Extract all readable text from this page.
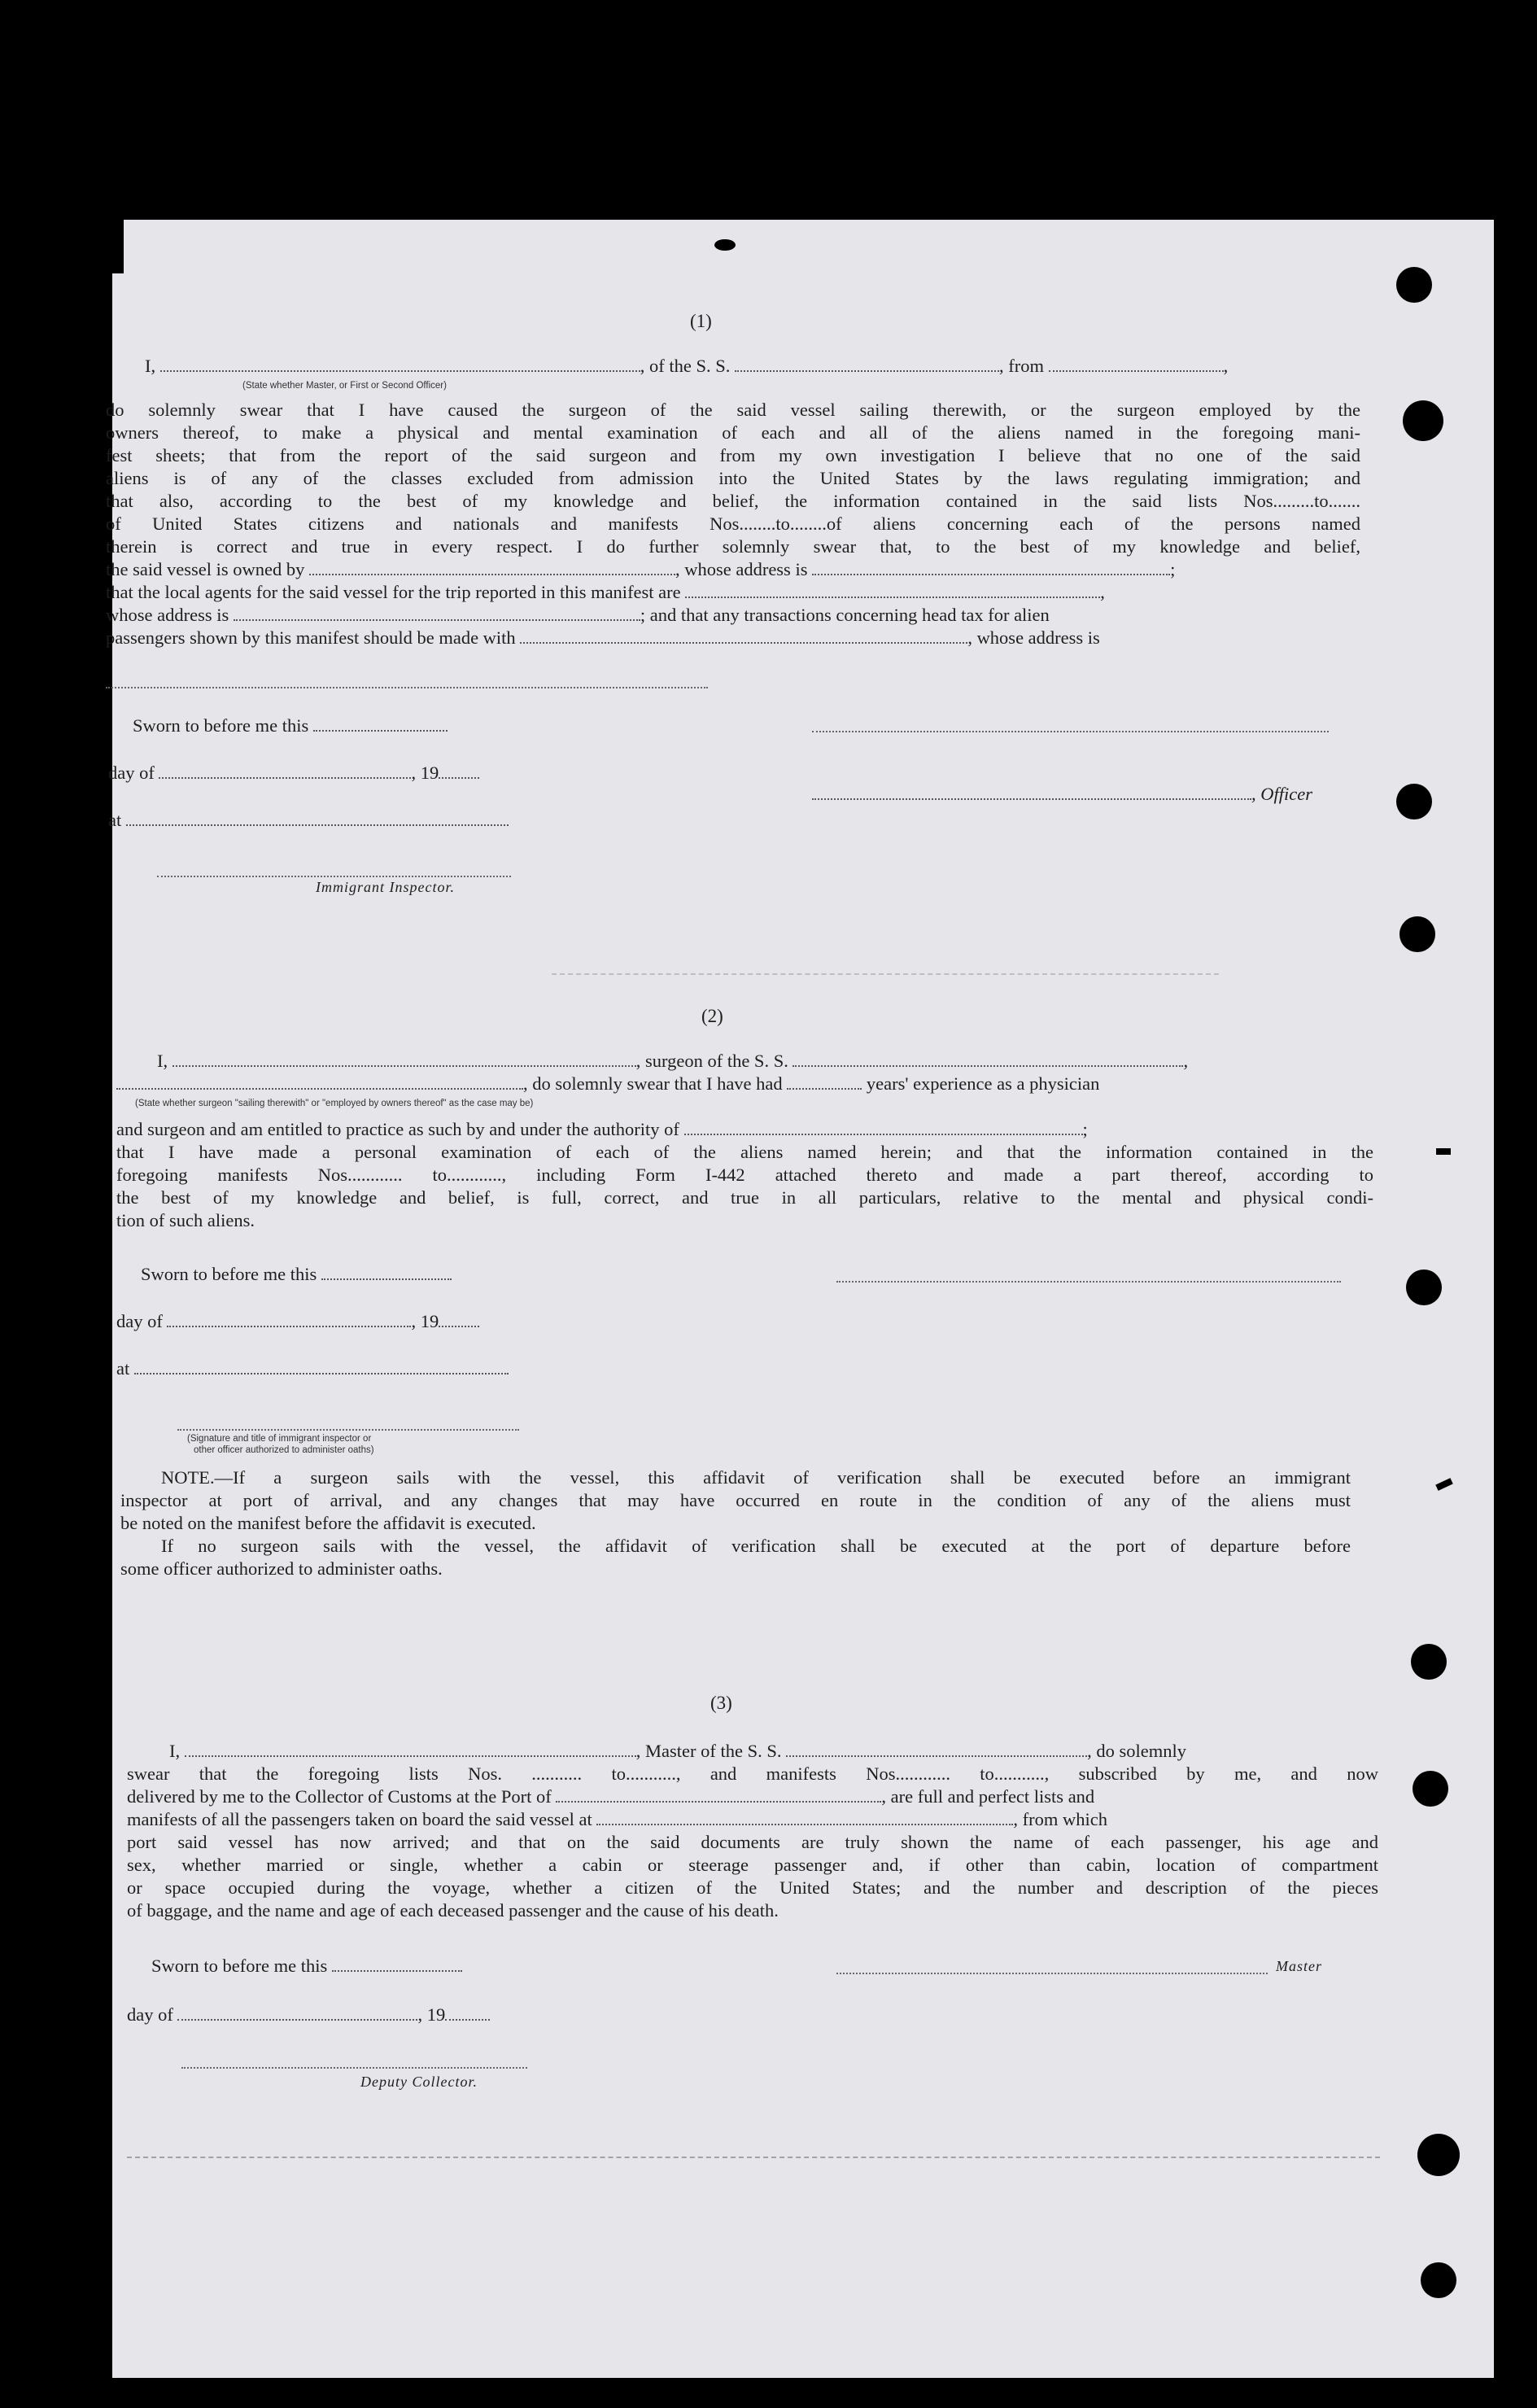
(1)
I,	, of the S. S.	, from	,
(State whether Master, or First or Second Officer)
do solemnly swear that I have caused the surgeon of the said vessel sailing therewith, or the surgeon employed by the
owners thereof, to make a physical and mental examination of each and all of the aliens named in the foregoing mani-
fest sheets; that from the report of the said surgeon and from my own investigation I believe that no one of the said
aliens is of any of the classes excluded from admission into the United States by the laws regulating immigration; and
that also, according to the best of my knowledge and belief, the information contained in the said lists Nos.........to.......
of United States citizens and nationals and manifests Nos........to........of aliens concerning each of the persons named
therein is correct and true in every respect. I do further solemnly swear that, to the best of my knowledge and belief,
the said vessel is owned by	, whose address is	;
that the local agents for the said vessel for the trip reported in this manifest are	,
whose address is	; and that any transactions concerning head tax for alien
passengers shown by this manifest should be made with	, whose address is
Sworn to before me this
day of	, 19
at
Immigrant Inspector.
, Officer
(2)
I,	, surgeon of the S. S.	,
, do solemnly swear that I have had	years' experience as a physician
(State whether surgeon "sailing therewith" or "employed by owners thereof" as the case may be)
and surgeon and am entitled to practice as such by and under the authority of	;
that I have made a personal examination of each of the aliens named herein; and that the information contained in the
foregoing manifests Nos............ to............, including Form I-442 attached thereto and made a part thereof, according to
the best of my knowledge and belief, is full, correct, and true in all particulars, relative to the mental and physical condi-
tion of such aliens.
Sworn to before me this
day of	, 19
at
(Signature and title of immigrant inspector or
other officer authorized to administer oaths)
NOTE.—If a surgeon sails with the vessel, this affidavit of verification shall be executed before an immigrant
inspector at port of arrival, and any changes that may have occurred en route in the condition of any of the aliens must
be noted on the manifest before the affidavit is executed.
If no surgeon sails with the vessel, the affidavit of verification shall be executed at the port of departure before
some officer authorized to administer oaths.
(3)
I,	, Master of the S. S.	, do solemnly
swear that the foregoing lists Nos. ........... to..........., and manifests Nos............ to..........., subscribed by me, and now
delivered by me to the Collector of Customs at the Port of	, are full and perfect lists and
manifests of all the passengers taken on board the said vessel at	, from which
port said vessel has now arrived; and that on the said documents are truly shown the name of each passenger, his age and
sex, whether married or single, whether a cabin or steerage passenger and, if other than cabin, location of compartment
or space occupied during the voyage, whether a citizen of the United States; and the number and description of the pieces
of baggage, and the name and age of each deceased passenger and the cause of his death.
Sworn to before me this
day of	, 19
Deputy Collector.
Master
